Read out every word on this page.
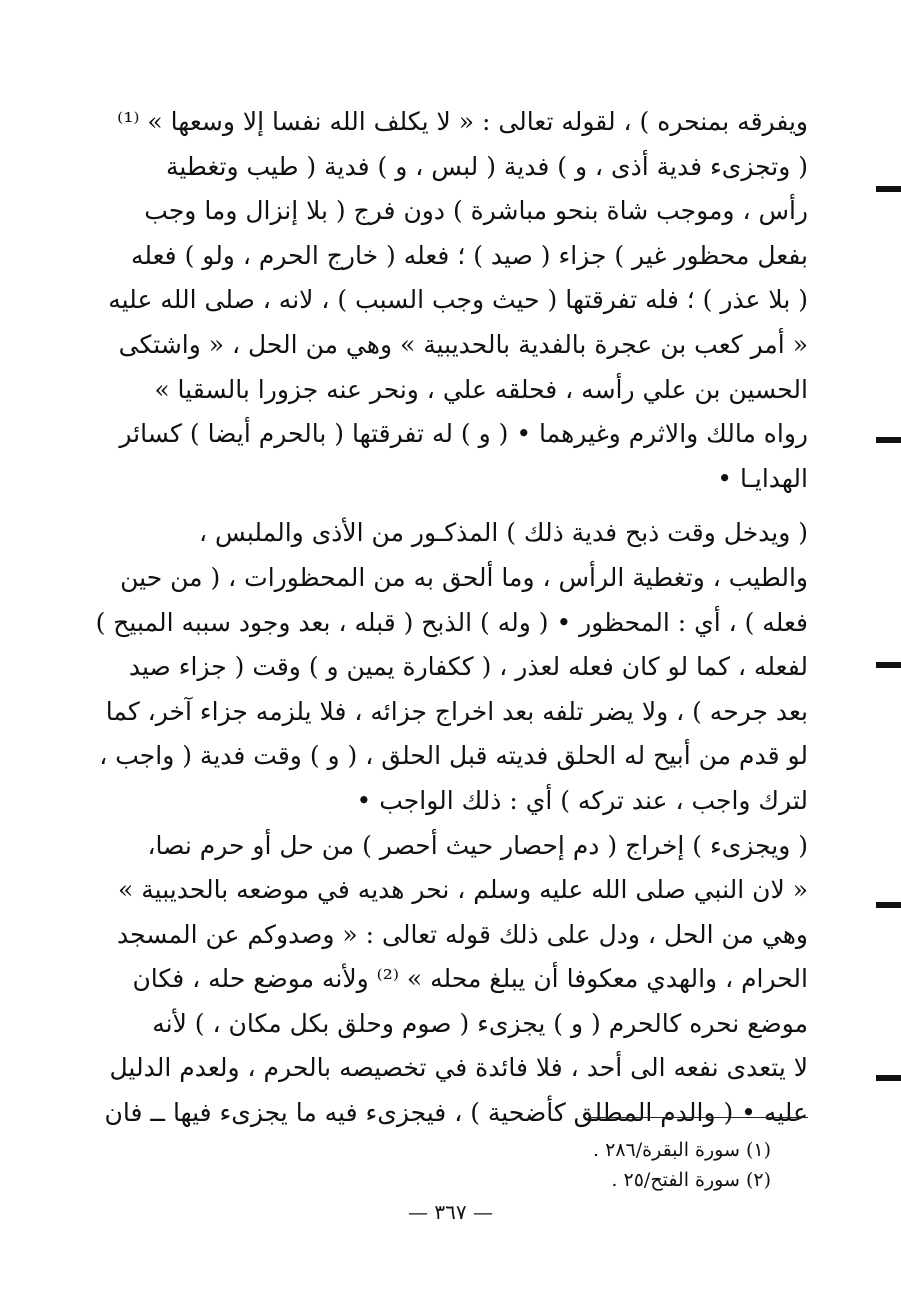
ويفرقه بمنحره ) ، لقوله تعالى : « لا يكلف الله نفسا إلا وسعها » ⁽¹⁾
( وتجزىء فدية أذى ، و ) فدية ( لبس ، و ) فدية ( طيب وتغطية
رأس ، وموجب شاة بنحو مباشرة ) دون فرج ( بلا إنزال وما وجب
بفعل محظور غير ) جزاء ( صيد ) ؛ فعله ( خارج الحرم ، ولو ) فعله
( بلا عذر ) ؛ فله تفرقتها ( حيث وجب السبب ) ، لانه ، صلى الله عليه
« أمر كعب بن عجرة بالفدية بالحديبية » وهي من الحل ، « واشتكى
الحسين بن علي رأسه ، فحلقه علي ، ونحر عنه جزورا بالسقيا »
رواه مالك والاثرم وغيرهما • ( و ) له تفرقتها ( بالحرم أيضا ) كسائر
الهدايـا •
( ويدخل وقت ذبح فدية ذلك ) المذكـور من الأذى والملبس ،
والطيب ، وتغطية الرأس ، وما ألحق به من المحظورات ، ( من حين
فعله ) ، أي : المحظور • ( وله ) الذبح ( قبله ، بعد وجود سببه المبيح )
لفعله ، كما لو كان فعله لعذر ، ( ككفارة يمين و ) وقت ( جزاء صيد
بعد جرحه ) ، ولا يضر تلفه بعد اخراج جزائه ، فلا يلزمه جزاء آخر، كما
لو قدم من أبيح له الحلق فديته قبل الحلق ، ( و ) وقت فدية ( واجب ،
لترك واجب ، عند تركه ) أي : ذلك الواجب •
( ويجزىء ) إخراج ( دم إحصار حيث أحصر ) من حل أو حرم نصا،
« لان النبي صلى الله عليه وسلم ، نحر هديه في موضعه بالحديبية »
وهي من الحل ، ودل على ذلك قوله تعالى : « وصدوكم عن المسجد
الحرام ، والهدي معكوفا أن يبلغ محله » ⁽²⁾ ولأنه موضع حله ، فكان
موضع نحره كالحرم ( و ) يجزىء ( صوم وحلق بكل مكان ، ) لأنه
لا يتعدى نفعه الى أحد ، فلا فائدة في تخصيصه بالحرم ، ولعدم الدليل
عليه • ( والدم المطلق كأضحية ) ، فيجزىء فيه ما يجزىء فيها ــ فان
(١) سورة البقرة/٢٨٦ .
(٢) سورة الفتح/٢٥ .
— ٣٦٧ —
